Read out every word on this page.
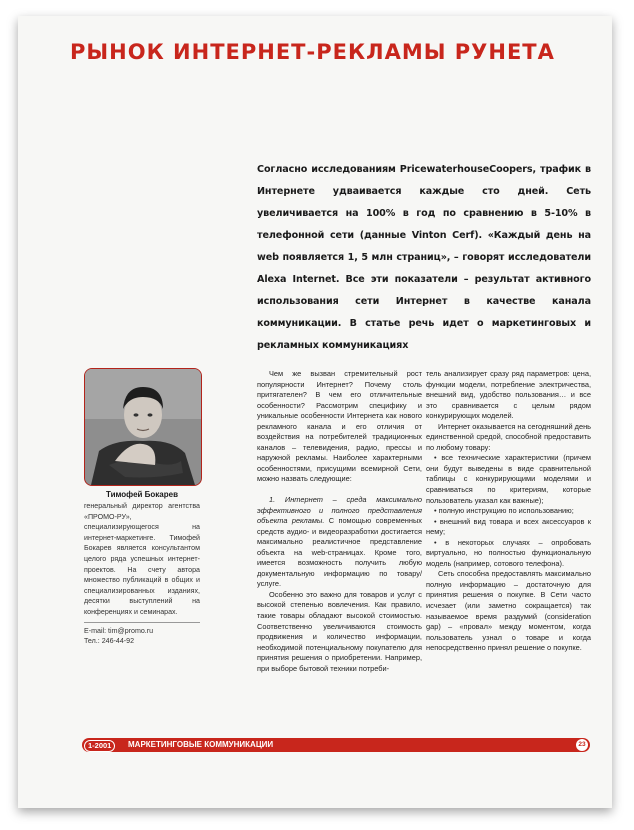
РЫНОК ИНТЕРНЕТ-РЕКЛАМЫ РУНЕТА

Согласно исследованиям PricewaterhouseCoopers, трафик в Интернете удваивается каждые сто дней. Сеть увеличивается на 100% в год по сравнению в 5-10% в телефонной сети (данные Vinton Cerf). «Каждый день на web появляется 1, 5 млн страниц», – говорят исследователи Alexa Internet. Все эти показатели – результат активного использования сети Интернет в качестве канала коммуникации. В статье речь идет о маркетинговых и рекламных коммуникациях

Тимофей Бокарев

генеральный директор агентства «ПРОМО-РУ», специализирующегося на интернет-маркетинге. Тимофей Бокарев является консультантом целого ряда успешных интернет-проектов. На счету автора множество публикаций в общих и специализированных изданиях, десятки выступлений на конференциях и семинарах.

E-mail: tim@promo.ru
Тел.: 246-44-92

Чем же вызван стремительный рост популярности Интернет? Почему столь притягателен? В чем его отличительные особенности? Рассмотрим специфику и уникальные особенности Интернета как нового рекламного канала и его отличия от воздействия на потребителей традиционных каналов – телевидения, радио, прессы и наружной рекламы. Наиболее характерными особенностями, присущими всемирной Сети, можно назвать следующие:

1. Интернет – среда максимально эффективного и полного представления объекта рекламы. С помощью современных средств аудио- и видеоразработки достигается максимально реалистичное представление объекта на web-страницах. Кроме того, имеется возможность получить любую документальную информацию по товару/услуге.

Особенно это важно для товаров и услуг с высокой степенью вовлечения. Как правило, такие товары обладают высокой стоимостью. Соответственно увеличиваются стоимость продвижения и количество информации, необходимой потенциальному покупателю для принятия решения о приобретении. Например, при выборе бытовой техники потреби-

тель анализирует сразу ряд параметров: цена, функции модели, потребление электричества, внешний вид, удобство пользования… и все это сравнивается с целым рядом конкурирующих моделей.

Интернет оказывается на сегодняшний день единственной средой, способной предоставить по любому товару:

• все технические характеристики (причем они будут выведены в виде сравнительной таблицы с конкурирующими моделями и сравниваться по критериям, которые пользователь указал как важные);

• полную инструкцию по использованию;

• внешний вид товара и всех аксессуаров к нему;

• в некоторых случаях – опробовать виртуально, но полностью функциональную модель (например, сотового телефона).

Сеть способна предоставлять максимально полную информацию – достаточную для принятия решения о покупке. В Сети часто исчезает (или заметно сокращается) так называемое время раздумий (consideration gap) – «провал» между моментом, когда пользователь узнал о товаре и когда непосредственно принял решение о покупке.

1-2001	МАРКЕТИНГОВЫЕ КОММУНИКАЦИИ	23
